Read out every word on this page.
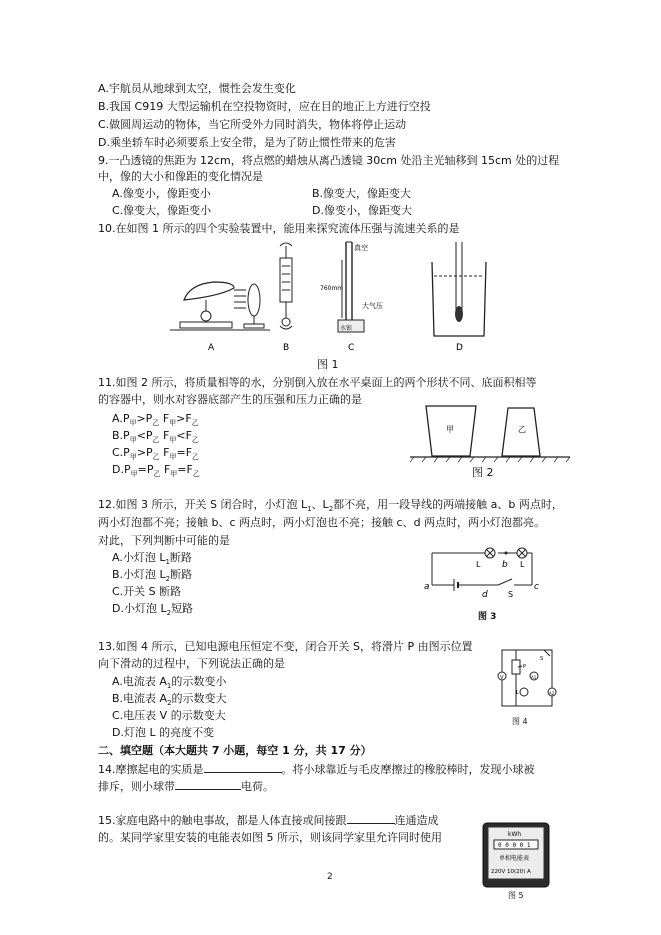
A.宇航员从地球到太空，惯性会发生变化
B.我国 C919 大型运输机在空投物资时，应在目的地正上方进行空投
C.做圆周运动的物体，当它所受外力同时消失，物体将停止运动
D.乘坐轿车时必须要系上安全带，是为了防止惯性带来的危害
9.一凸透镜的焦距为 12cm，将点燃的蜡烛从离凸透镜 30cm 处沿主光轴移到 15cm 处的过程
中，像的大小和像距的变化情况是
A.像变小，像距变小	B.像变大，像距变大
C.像变大，像距变小	D.像变小，像距变大
10.在如图 1 所示的四个实验装置中，能用来探究流体压强与流速关系的是
A	B	C	D
真空
760mm
大气压
水银
图 1
11.如图 2 所示，将质量相等的水，分别倒入放在水平桌面上的两个形状不同、底面积相等
的容器中，则水对容器底部产生的压强和压力正确的是
$A.P_甲>P_乙$ $F_甲>F_乙$
$B.P_甲<P_乙$ $F_甲<F_乙$
$C.P_甲>P_乙$ $F_甲=F_乙$
$D.P_甲=P_乙$ $F_甲=F_乙$
甲	乙
图 2
12.如图 3 所示，开关 S 闭合时，小灯泡 $L_1$、$L_2$都不亮，用一段导线的两端接触 a、b 两点时，
两小灯泡都不亮；接触 b、c 两点时，两小灯泡也不亮；接触 c、d 两点时，两小灯泡都亮。
对此，下列判断中可能的是
A.小灯泡 $L_1$断路
B.小灯泡 $L_2$断路
C.开关 S 断路
D.小灯泡 $L_2$短路
a
b
c
d	S
L	L
图 3
13.如图 4 所示，已知电源电压恒定不变，闭合开关 S，将滑片 P 由图示位置
向下滑动的过程中，下列说法正确的是
A.电流表 $A_1$的示数变小
B.电流表 $A_2$的示数变大
C.电压表 V 的示数变大
D.灯泡 L 的亮度不变
V	A1
A2
S
P
L
图 4
二、填空题（本大题共 7 小题，每空 1 分，共 17 分）
14.摩擦起电的实质是	。将小球靠近与毛皮摩擦过的橡胶棒时，发现小球被
排斥，则小球带	电荷。
15.家庭电路中的触电事故，都是人体直接或间接跟	连通造成
的。某同学家里安装的电能表如图 5 所示，则该同学家里允许同时使用	kWh
0 0 0 0 1
单相电能表
220V 10(20) A
图 5
2
